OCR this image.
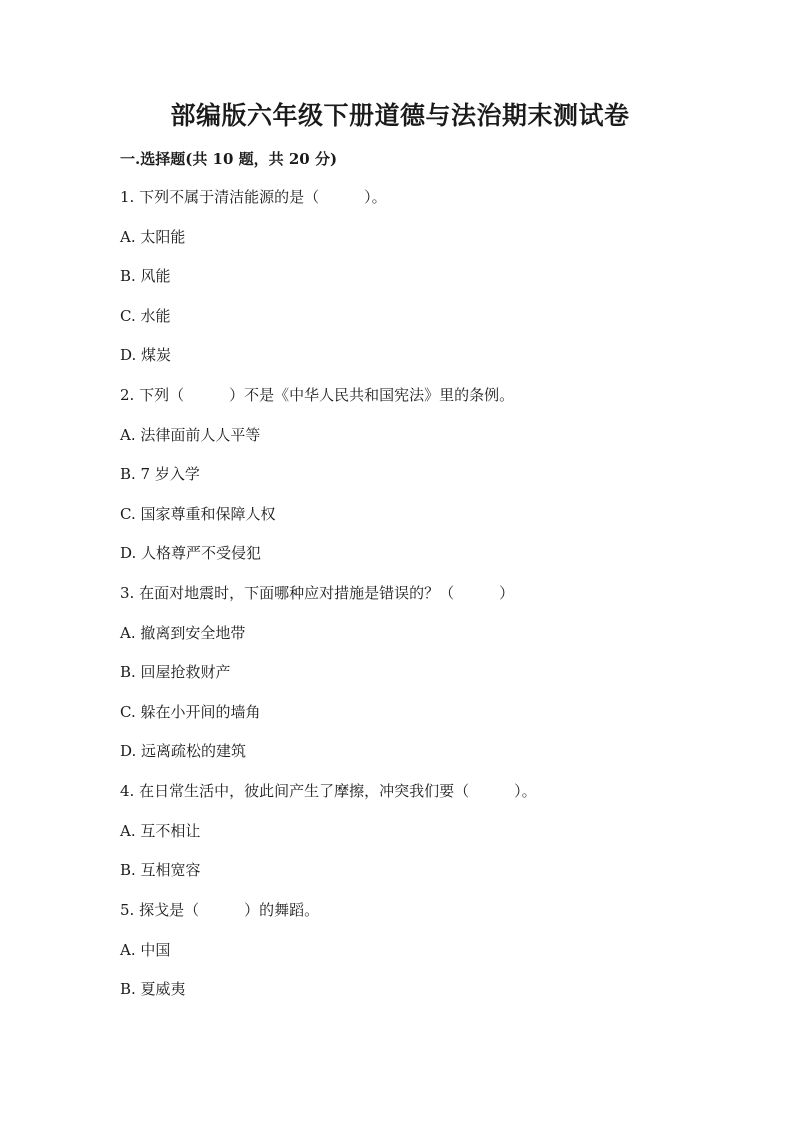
部编版六年级下册道德与法治期末测试卷
一.选择题(共 10 题，共 20 分)
1. 下列不属于清洁能源的是（　　　）。
A. 太阳能
B. 风能
C. 水能
D. 煤炭
2. 下列（　　　）不是《中华人民共和国宪法》里的条例。
A. 法律面前人人平等
B. 7 岁入学
C. 国家尊重和保障人权
D. 人格尊严不受侵犯
3. 在面对地震时，下面哪种应对措施是错误的？（　　　）
A. 撤离到安全地带
B. 回屋抢救财产
C. 躲在小开间的墙角
D. 远离疏松的建筑
4. 在日常生活中，彼此间产生了摩擦，冲突我们要（　　　）。
A. 互不相让
B. 互相宽容
5. 探戈是（　　　）的舞蹈。
A. 中国
B. 夏威夷
